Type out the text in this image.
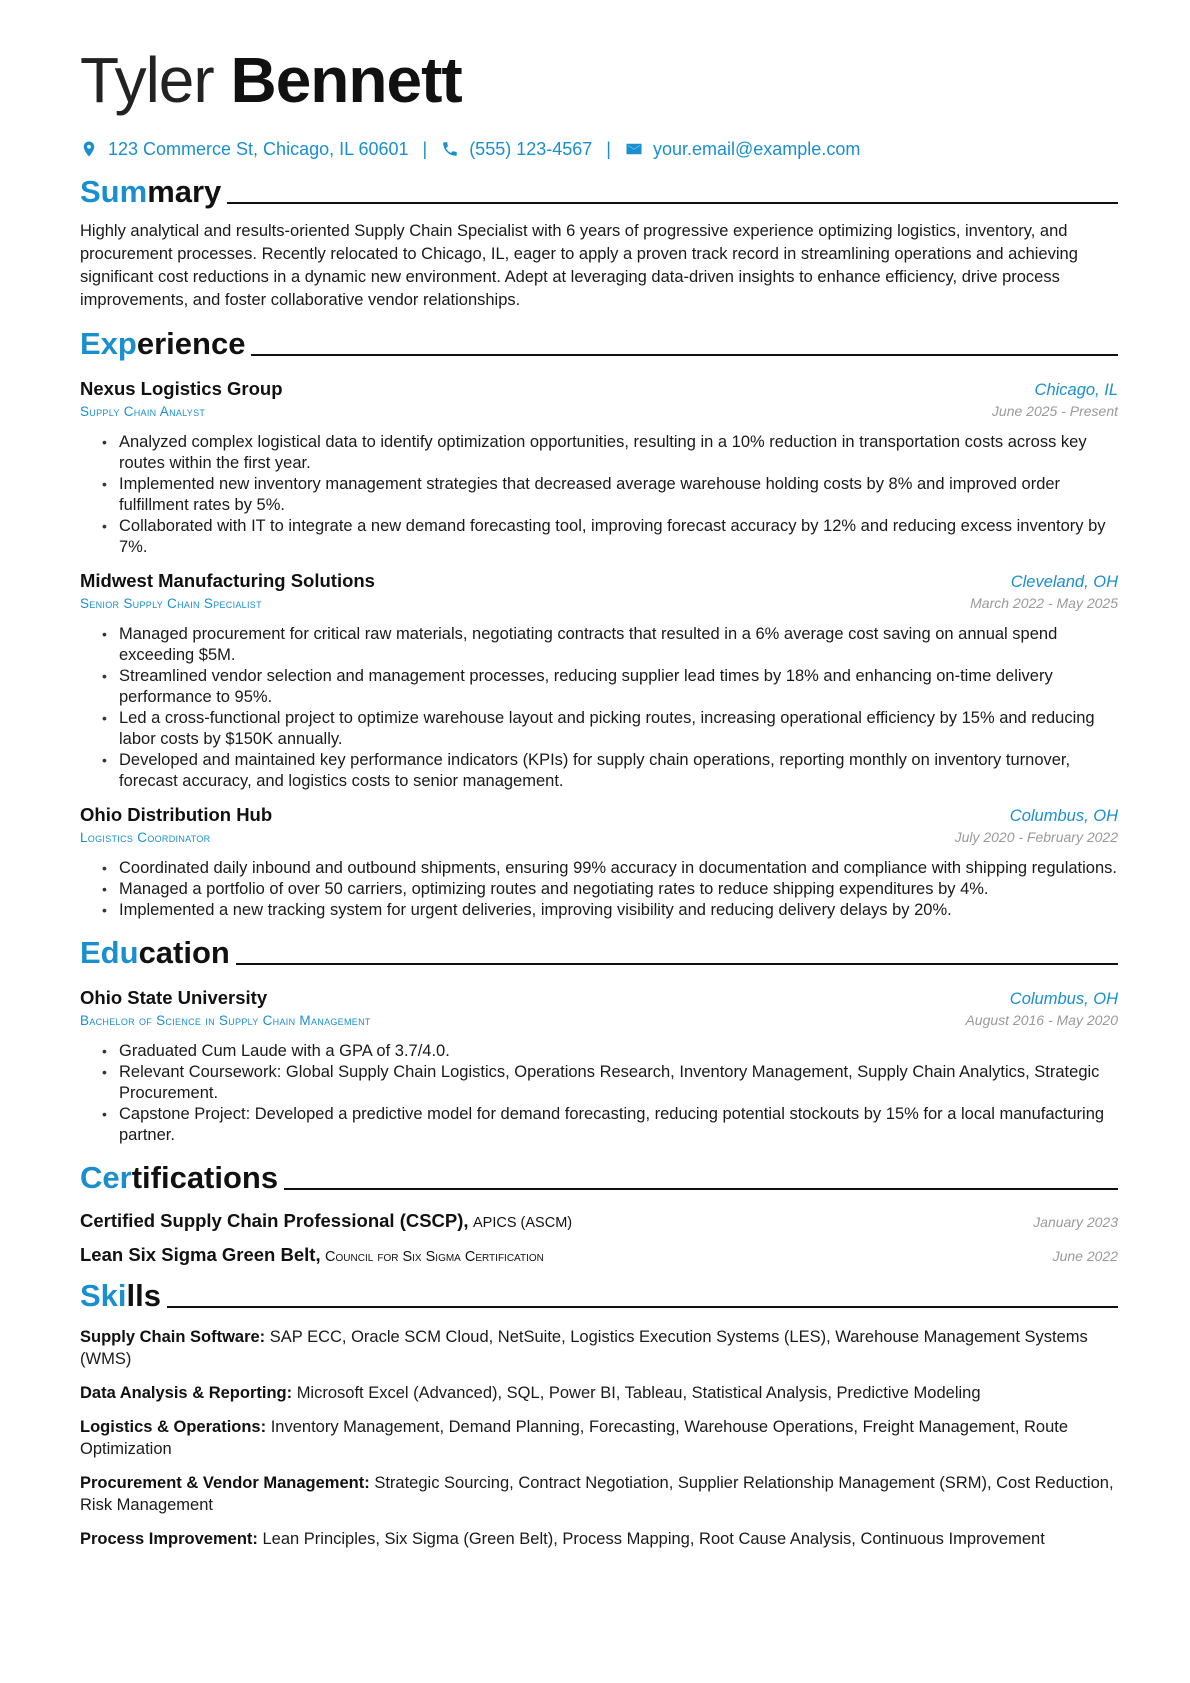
Tyler Bennett
123 Commerce St, Chicago, IL 60601 | (555) 123-4567 | your.email@example.com
Summary

Highly analytical and results-oriented Supply Chain Specialist with 6 years of progressive experience optimizing logistics, inventory, and procurement processes. Recently relocated to Chicago, IL, eager to apply a proven track record in streamlining operations and achieving significant cost reductions in a dynamic new environment. Adept at leveraging data-driven insights to enhance efficiency, drive process improvements, and foster collaborative vendor relationships.

Experience
Nexus Logistics Group	Chicago, IL
Supply Chain Analyst	June 2025 - Present
• Analyzed complex logistical data to identify optimization opportunities, resulting in a 10% reduction in transportation costs across key routes within the first year.
• Implemented new inventory management strategies that decreased average warehouse holding costs by 8% and improved order fulfillment rates by 5%.
• Collaborated with IT to integrate a new demand forecasting tool, improving forecast accuracy by 12% and reducing excess inventory by 7%.
Midwest Manufacturing Solutions	Cleveland, OH
Senior Supply Chain Specialist	March 2022 - May 2025
• Managed procurement for critical raw materials, negotiating contracts that resulted in a 6% average cost saving on annual spend exceeding $5M.
• Streamlined vendor selection and management processes, reducing supplier lead times by 18% and enhancing on-time delivery performance to 95%.
• Led a cross-functional project to optimize warehouse layout and picking routes, increasing operational efficiency by 15% and reducing labor costs by $150K annually.
• Developed and maintained key performance indicators (KPIs) for supply chain operations, reporting monthly on inventory turnover, forecast accuracy, and logistics costs to senior management.
Ohio Distribution Hub	Columbus, OH
Logistics Coordinator	July 2020 - February 2022
• Coordinated daily inbound and outbound shipments, ensuring 99% accuracy in documentation and compliance with shipping regulations.
• Managed a portfolio of over 50 carriers, optimizing routes and negotiating rates to reduce shipping expenditures by 4%.
• Implemented a new tracking system for urgent deliveries, improving visibility and reducing delivery delays by 20%.
Education
Ohio State University	Columbus, OH
Bachelor of Science in Supply Chain Management	August 2016 - May 2020
• Graduated Cum Laude with a GPA of 3.7/4.0.
• Relevant Coursework: Global Supply Chain Logistics, Operations Research, Inventory Management, Supply Chain Analytics, Strategic Procurement.
• Capstone Project: Developed a predictive model for demand forecasting, reducing potential stockouts by 15% for a local manufacturing partner.
Certifications
Certified Supply Chain Professional (CSCP), APICS (ASCM)	January 2023
Lean Six Sigma Green Belt, Council for Six Sigma Certification	June 2022
Skills

Supply Chain Software: SAP ECC, Oracle SCM Cloud, NetSuite, Logistics Execution Systems (LES), Warehouse Management Systems (WMS)

Data Analysis & Reporting: Microsoft Excel (Advanced), SQL, Power BI, Tableau, Statistical Analysis, Predictive Modeling

Logistics & Operations: Inventory Management, Demand Planning, Forecasting, Warehouse Operations, Freight Management, Route Optimization

Procurement & Vendor Management: Strategic Sourcing, Contract Negotiation, Supplier Relationship Management (SRM), Cost Reduction, Risk Management

Process Improvement: Lean Principles, Six Sigma (Green Belt), Process Mapping, Root Cause Analysis, Continuous Improvement
